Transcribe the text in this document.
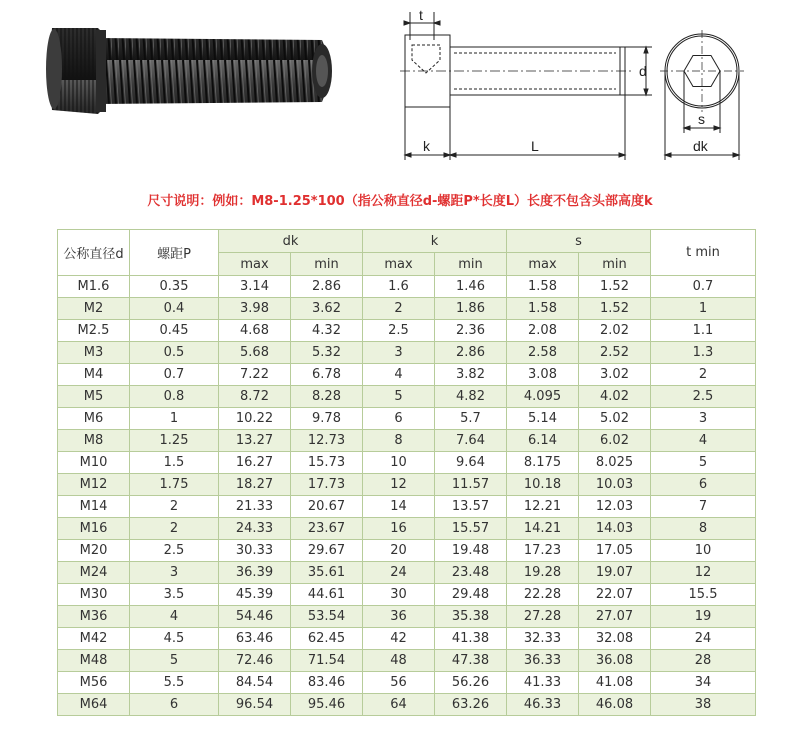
t
d
k	L
s
dk
尺寸说明：例如：M8-1.25*100（指公称直径d-螺距P*长度L）长度不包含头部高度k
公称直径d	螺距P	dk		k		s		t min
		max	min	max	min	max	min	
M1.6	0.35	3.14	2.86	1.6	1.46	1.58	1.52	0.7
M2	0.4	3.98	3.62	2	1.86	1.58	1.52	1
M2.5	0.45	4.68	4.32	2.5	2.36	2.08	2.02	1.1
M3	0.5	5.68	5.32	3	2.86	2.58	2.52	1.3
M4	0.7	7.22	6.78	4	3.82	3.08	3.02	2
M5	0.8	8.72	8.28	5	4.82	4.095	4.02	2.5
M6	1	10.22	9.78	6	5.7	5.14	5.02	3
M8	1.25	13.27	12.73	8	7.64	6.14	6.02	4
M10	1.5	16.27	15.73	10	9.64	8.175	8.025	5
M12	1.75	18.27	17.73	12	11.57	10.18	10.03	6
M14	2	21.33	20.67	14	13.57	12.21	12.03	7
M16	2	24.33	23.67	16	15.57	14.21	14.03	8
M20	2.5	30.33	29.67	20	19.48	17.23	17.05	10
M24	3	36.39	35.61	24	23.48	19.28	19.07	12
M30	3.5	45.39	44.61	30	29.48	22.28	22.07	15.5
M36	4	54.46	53.54	36	35.38	27.28	27.07	19
M42	4.5	63.46	62.45	42	41.38	32.33	32.08	24
M48	5	72.46	71.54	48	47.38	36.33	36.08	28
M56	5.5	84.54	83.46	56	56.26	41.33	41.08	34
M64	6	96.54	95.46	64	63.26	46.33	46.08	38
